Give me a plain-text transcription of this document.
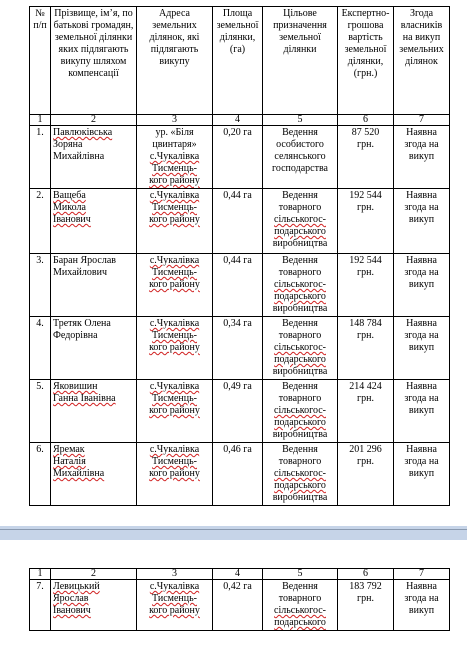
№ п/п	Прізвище, ім’я, по батькові громадян, земельної ділянки яких підлягають викупу шляхом компенсації	Адреса земельних ділянок, які підлягають викупу	Площа земельної ділянки, (га)	Цільове призначення земельної ділянки	Експертно-грошова вартість земельної ділянки, (грн.)	Згода власників на викуп земельних ділянок
1	2	3	4	5	6	7
1.	Павлюківська
Зоряна
Михайлівна	ур. «Біля
цвинтаря»
с.Чукалівка
Тисменць-
кого району	0,20 га	Ведення
особистого
селянського
господарства	87 520
грн.	Наявна
згода на
викуп

2.	Ващеба
Микола
Іванович	с.Чукалівка
Тисменць-
кого району	0,44 га	Ведення
товарного
сільськогос-
подарського
виробництва	192 544
грн.	Наявна
згода на
викуп

3.	Баран Ярослав
Михайлович	с.Чукалівка
Тисменць-
кого району	0,44 га	Ведення
товарного
сільськогос-
подарського
виробництва	192 544
грн.	Наявна
згода на
викуп

4.	Третяк Олена
Федорівна	с.Чукалівка
Тисменць-
кого району	0,34 га	Ведення
товарного
сільськогос-
подарського
виробництва	148 784
грн.	Наявна
згода на
викуп

5.	Яковишин
Ганна Іванівна	с.Чукалівка
Тисменць-
кого району	0,49 га	Ведення
товарного
сільськогос-
подарського
виробництва	214 424
грн.	Наявна
згода на
викуп

6.	Яремак
Наталія
Михайлівна	с.Чукалівка
Тисменць-
кого району	0,46 га	Ведення
товарного
сільськогос-
подарського
виробництва	201 296
грн.	Наявна
згода на
викуп
1	2	3	4	5	6	7
7.	Левицький
Ярослав
Іванович	с.Чукалівка
Тисменць-
кого району	0,42 га	Ведення
товарного
сільськогос-
подарського	183 792
грн.	Наявна
згода на
викуп
